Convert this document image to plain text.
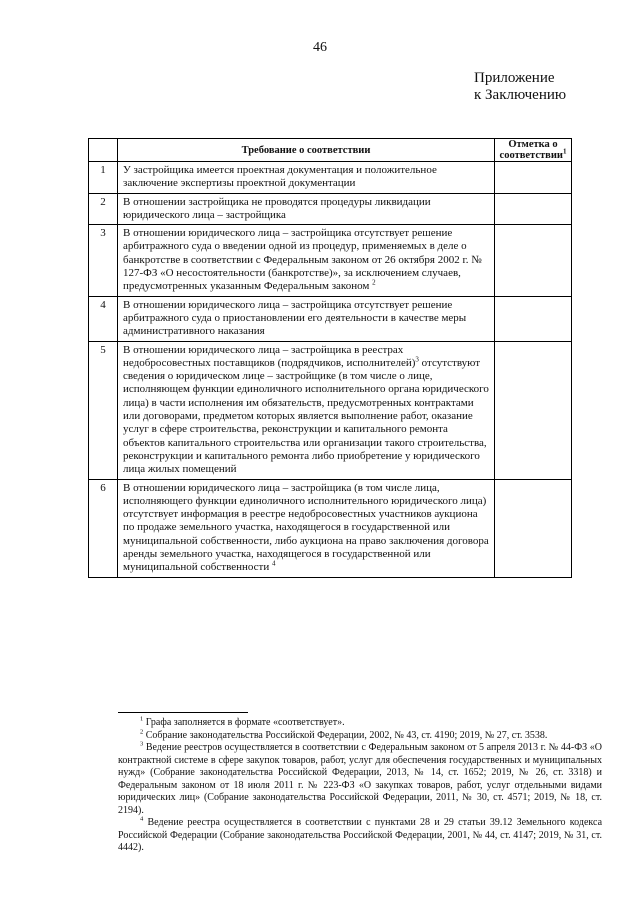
46
Приложение
к Заключению
	Требование о соответствии	Отметка о соответствии$^1$
1	У застройщика имеется проектная документация и положительное заключение экспертизы проектной документации	
2	В отношении застройщика не проводятся процедуры ликвидации юридического лица – застройщика	
3	В отношении юридического лица – застройщика отсутствует решение арбитражного суда о введении одной из процедур, применяемых в деле о банкротстве в соответствии с Федеральным законом от 26 октября 2002 г. № 127-ФЗ «О несостоятельности (банкротстве)», за исключением случаев, предусмотренных указанным Федеральным законом $^2$	
4	В отношении юридического лица – застройщика отсутствует решение арбитражного суда о приостановлении его деятельности в качестве меры административного наказания	
5	В отношении юридического лица – застройщика в реестрах недобросовестных поставщиков (подрядчиков, исполнителей)$^3$ отсутствуют сведения о юридическом лице – застройщике (в том числе о лице, исполняющем функции единоличного исполнительного органа юридического лица) в части исполнения им обязательств, предусмотренных контрактами или договорами, предметом которых является выполнение работ, оказание услуг в сфере строительства, реконструкции и капитального ремонта объектов капитального строительства или организации такого строительства, реконструкции и капитального ремонта либо приобретение у юридического лица жилых помещений	
6	В отношении юридического лица – застройщика (в том числе лица, исполняющего функции единоличного исполнительного юридического лица) отсутствует информация в реестре недобросовестных участников аукциона по продаже земельного участка, находящегося в государственной или муниципальной собственности, либо аукциона на право заключения договора аренды земельного участка, находящегося в государственной или муниципальной собственности $^4$	

$^1$ Графа заполняется в формате «соответствует».

$^2$ Собрание законодательства Российской Федерации, 2002, № 43, ст. 4190; 2019, № 27, ст. 3538.

$^3$ Ведение реестров осуществляется в соответствии с Федеральным законом от 5 апреля 2013 г. № 44-ФЗ «О контрактной системе в сфере закупок товаров, работ, услуг для обеспечения государственных и муниципальных нужд» (Собрание законодательства Российской Федерации, 2013, № 14, ст. 1652; 2019, № 26, ст. 3318) и Федеральным законом от 18 июля 2011 г. № 223-ФЗ «О закупках товаров, работ, услуг отдельными видами юридических лиц» (Собрание законодательства Российской Федерации, 2011, № 30, ст. 4571; 2019, № 18, ст. 2194).

$^4$ Ведение реестра осуществляется в соответствии с пунктами 28 и 29 статьи 39.12 Земельного кодекса Российской Федерации (Собрание законодательства Российской Федерации, 2001, № 44, ст. 4147; 2019, № 31, ст. 4442).
